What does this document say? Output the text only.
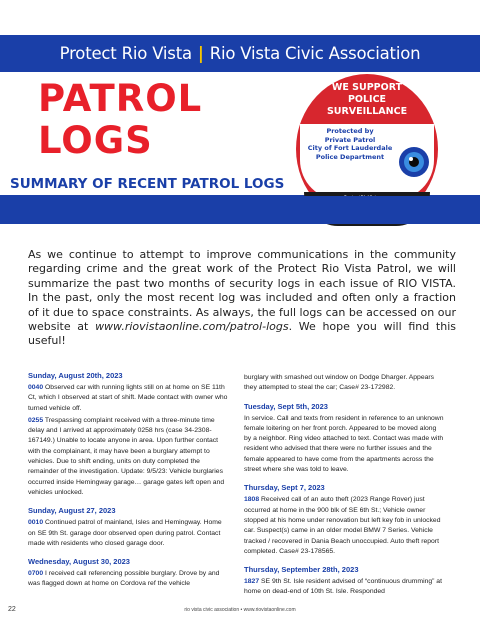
Protect Rio Vista | Rio Vista Civic Association
PATROL
LOGS
SUMMARY OF RECENT PATROL LOGS
WE SUPPORT
POLICE
SURVEILLANCE
Protected by
Private Patrol
City of Fort Lauderdale
Police Department
As we continue to attempt to improve communications in the community regarding crime and the great work of the Protect Rio Vista Patrol, we will summarize the past two months of security logs in each issue of RIO VISTA. In the past, only the most recent log was included and often only a fraction of it due to space constraints. As always, the full logs can be accessed on our website at www.riovistaonline.com/patrol-logs. We hope you will find this useful!
Sunday, August 20th, 2023
0040 Observed car with running lights still on at home on SE 11th Ct, which I observed at start of shift. Made contact with owner who turned vehicle off.
0255 Trespassing complaint received with a three-minute time delay and I arrived at approximately 0258 hrs (case 34-2308-167149.) Unable to locate anyone in area. Upon further contact with the complainant, it may have been a burglary attempt to vehicles. Due to shift ending, units on duty completed the remainder of the investigation. Update: 9/5/23: Vehicle burglaries occurred inside Hemingway garage… garage gates left open and vehicles unlocked.
Sunday, August 27, 2023
0010 Continued patrol of mainland, Isles and Hemingway. Home on SE 9th St. garage door observed open during patrol. Contact made with residents who closed garage door.
Wednesday, August 30, 2023
0700 I received call referencing possible burglary. Drove by and was flagged down at home on Cordova ref the vehicle
burglary with smashed out window on Dodge Dharger. Appears they attempted to steal the car; Case# 23-172982.
Tuesday, Sept 5th, 2023
In service. Call and texts from resident in reference to an unknown female loitering on her front porch. Appeared to be moved along by a neighbor. Ring video attached to text. Contact was made with resident who advised that there were no further issues and the female appeared to have come from the apartments across the street where she was told to leave.
Thursday, Sept 7, 2023
1808 Received call of an auto theft (2023 Range Rover) just occurred at home in the 900 blk of SE 6th St.; Vehicle owner stopped at his home under renovation but left key fob in unlocked car. Suspect(s) came in an older model BMW 7 Series. Vehicle tracked / recovered in Dania Beach unoccupied. Auto theft report completed. Case# 23-178565.
Thursday, September 28th, 2023
1827 SE 9th St. Isle resident advised of “continuous drumming” at home on dead-end of 10th St. Isle. Responded
22	rio vista civic association • www.riovistaonline.com
